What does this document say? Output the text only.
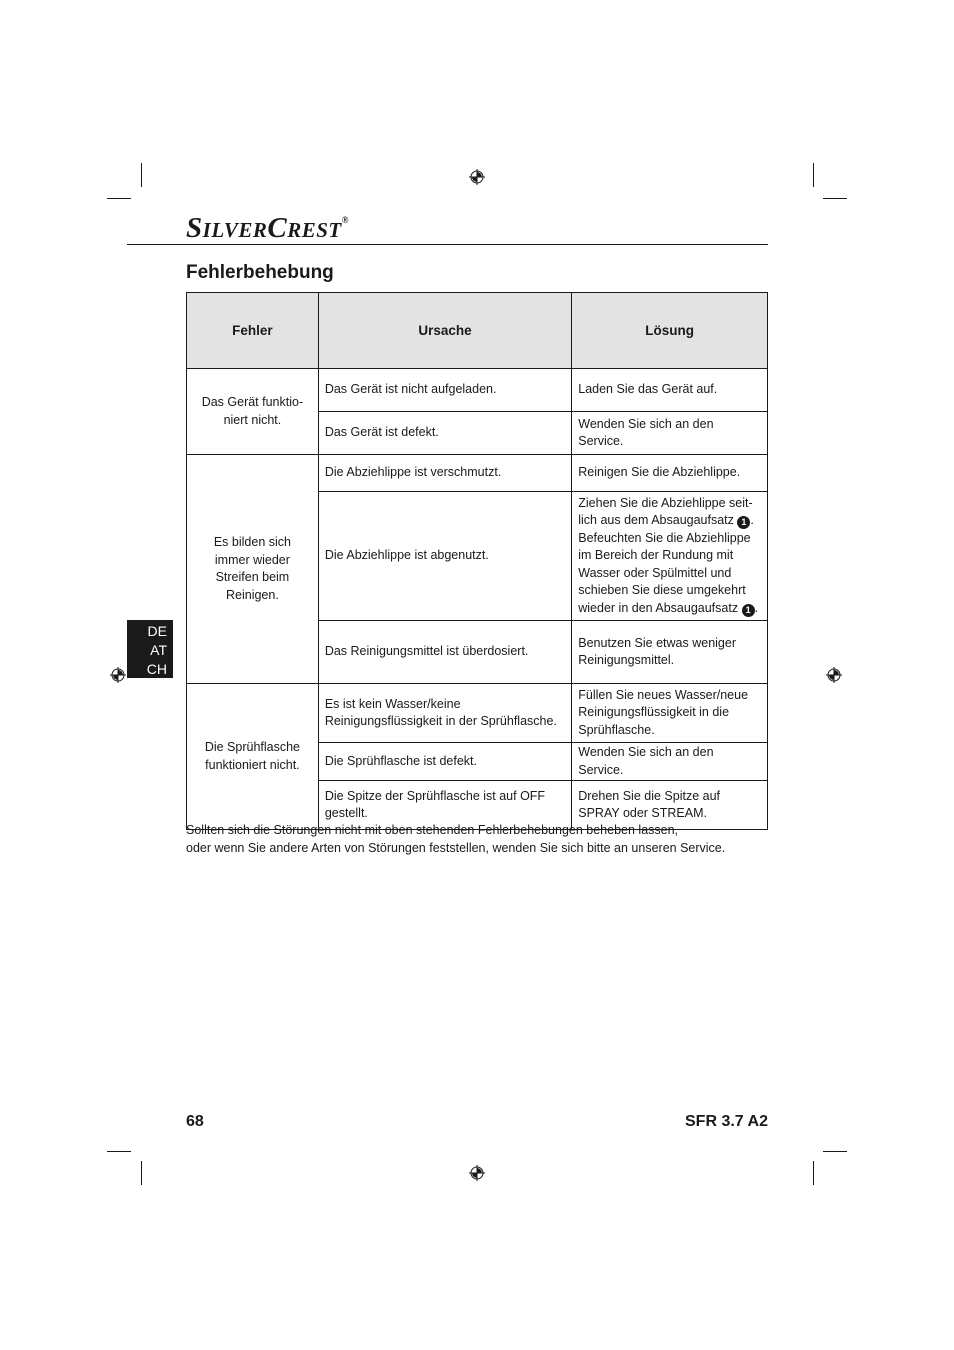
SILVERCREST®
Fehlerbehebung
DE
AT
CH
Fehler	Ursache	Lösung
Das Gerät funktioniert nicht.	Das Gerät ist nicht aufgeladen.	Laden Sie das Gerät auf.
	Das Gerät ist defekt.	Wenden Sie sich an den Service.
Es bilden sich immer wieder Streifen beim Reinigen.	Die Abziehlippe ist verschmutzt.	Reinigen Sie die Abziehlippe.
	Die Abziehlippe ist abgenutzt.	Ziehen Sie die Abziehlippe seitlich aus dem Absaugaufsatz 1 . Befeuchten Sie die Abziehlippe im Bereich der Rundung mit Wasser oder Spülmittel und schieben Sie diese umgekehrt wieder in den Absaugaufsatz 1 .
	Das Reinigungsmittel ist überdosiert.	Benutzen Sie etwas weniger Reinigungsmittel.
Die Sprühflasche funktioniert nicht.	Es ist kein Wasser/keine Reinigungsflüssigkeit in der Sprühflasche.	Füllen Sie neues Wasser/neue Reinigungsflüssigkeit in die Sprühflasche.
	Die Sprühflasche ist defekt.	Wenden Sie sich an den Service.
	Die Spitze der Sprühflasche ist auf OFF gestellt.	Drehen Sie die Spitze auf SPRAY oder STREAM.
Sollten sich die Störungen nicht mit oben stehenden Fehlerbehebungen beheben lassen,
oder wenn Sie andere Arten von Störungen feststellen, wenden Sie sich bitte an unseren Service.
68	SFR 3.7 A2
